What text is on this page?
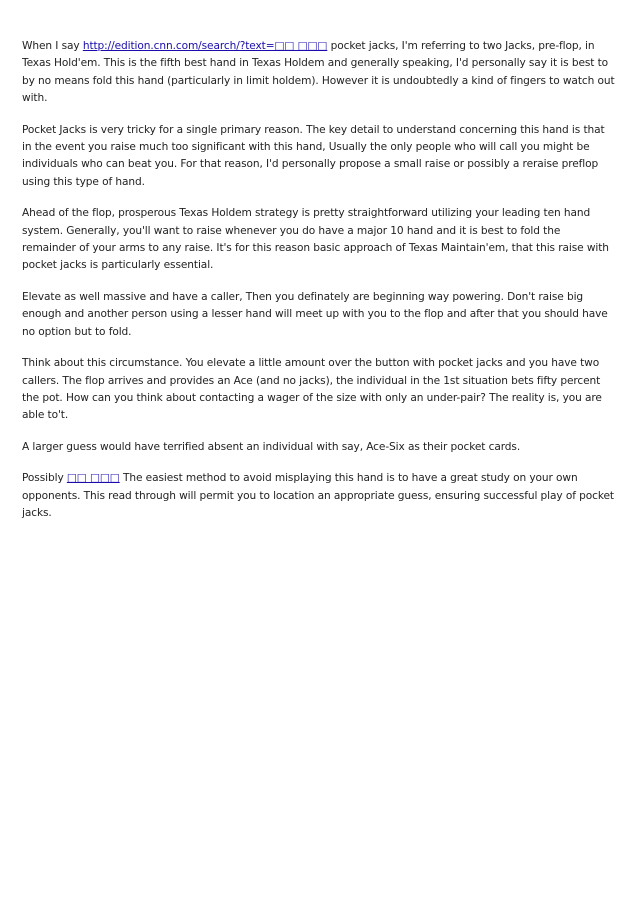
When I say http://edition.cnn.com/search/?text=□□ □□□ pocket jacks, I'm referring to two Jacks, pre-flop, in Texas Hold'em. This is the fifth best hand in Texas Holdem and generally speaking, I'd personally say it is best to by no means fold this hand (particularly in limit holdem). However it is undoubtedly a kind of fingers to watch out with.

Pocket Jacks is very tricky for a single primary reason. The key detail to understand concerning this hand is that in the event you raise much too significant with this hand, Usually the only people who will call you might be individuals who can beat you. For that reason, I'd personally propose a small raise or possibly a reraise preflop using this type of hand.

Ahead of the flop, prosperous Texas Holdem strategy is pretty straightforward utilizing your leading ten hand system. Generally, you'll want to raise whenever you do have a major 10 hand and it is best to fold the remainder of your arms to any raise. It's for this reason basic approach of Texas Maintain'em, that this raise with pocket jacks is particularly essential.

Elevate as well massive and have a caller, Then you definately are beginning way powering. Don't raise big enough and another person using a lesser hand will meet up with you to the flop and after that you should have no option but to fold.

Think about this circumstance. You elevate a little amount over the button with pocket jacks and you have two callers. The flop arrives and provides an Ace (and no jacks), the individual in the 1st situation bets fifty percent the pot. How can you think about contacting a wager of the size with only an under-pair? The reality is, you are able to't.

A larger guess would have terrified absent an individual with say, Ace-Six as their pocket cards.

Possibly □□ □□□ The easiest method to avoid misplaying this hand is to have a great study on your own opponents. This read through will permit you to location an appropriate guess, ensuring successful play of pocket jacks.
